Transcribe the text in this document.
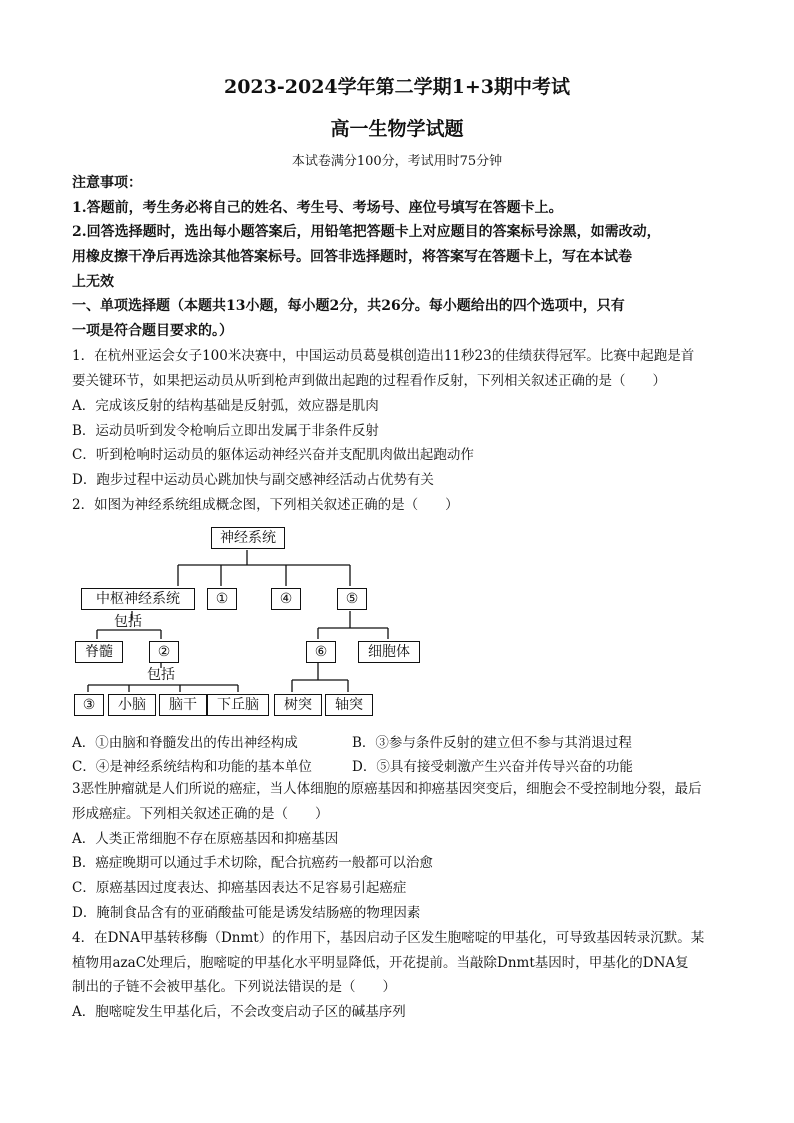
2023-2024学年第二学期1+3期中考试
高一生物学试题
本试卷满分100分，考试用时75分钟
注意事项：
1.答题前，考生务必将自己的姓名、考生号、考场号、座位号填写在答题卡上。
2.回答选择题时，选出每小题答案后，用铅笔把答题卡上对应题目的答案标号涂黑，如需改动，
用橡皮擦干净后再选涂其他答案标号。回答非选择题时，将答案写在答题卡上，写在本试卷
上无效
一、单项选择题（本题共13小题，每小题2分，共26分。每小题给出的四个选项中，只有
一项是符合题目要求的。）
1．在杭州亚运会女子100米决赛中，中国运动员葛曼棋创造出11秒23的佳绩获得冠军。比赛中起跑是首
要关键环节，如果把运动员从听到枪声到做出起跑的过程看作反射，下列相关叙述正确的是（　　）
A．完成该反射的结构基础是反射弧，效应器是肌肉
B．运动员听到发令枪响后立即出发属于非条件反射
C．听到枪响时运动员的躯体运动神经兴奋并支配肌肉做出起跑动作
D．跑步过程中运动员心跳加快与副交感神经活动占优势有关
2．如图为神经系统组成概念图，下列相关叙述正确的是（　　）
神经系统
中枢神经系统	①	④	⑤
包括
脊髓	②
包括
③	小脑	脑干	下丘脑
⑥	细胞体
树突	轴突
A．①由脑和脊髓发出的传出神经构成	B．③参与条件反射的建立但不参与其消退过程
C．④是神经系统结构和功能的基本单位	D．⑤具有接受刺激产生兴奋并传导兴奋的功能
3恶性肿瘤就是人们所说的癌症，当人体细胞的原癌基因和抑癌基因突变后，细胞会不受控制地分裂，最后
形成癌症。下列相关叙述正确的是（　　）
A．人类正常细胞不存在原癌基因和抑癌基因
B．癌症晚期可以通过手术切除，配合抗癌药一般都可以治愈
C．原癌基因过度表达、抑癌基因表达不足容易引起癌症
D．腌制食品含有的亚硝酸盐可能是诱发结肠癌的物理因素
4．在DNA甲基转移酶（Dnmt）的作用下，基因启动子区发生胞嘧啶的甲基化，可导致基因转录沉默。某
植物用azaC处理后，胞嘧啶的甲基化水平明显降低，开花提前。当敲除Dnmt基因时，甲基化的DNA复
制出的子链不会被甲基化。下列说法错误的是（　　）
A．胞嘧啶发生甲基化后，不会改变启动子区的碱基序列
